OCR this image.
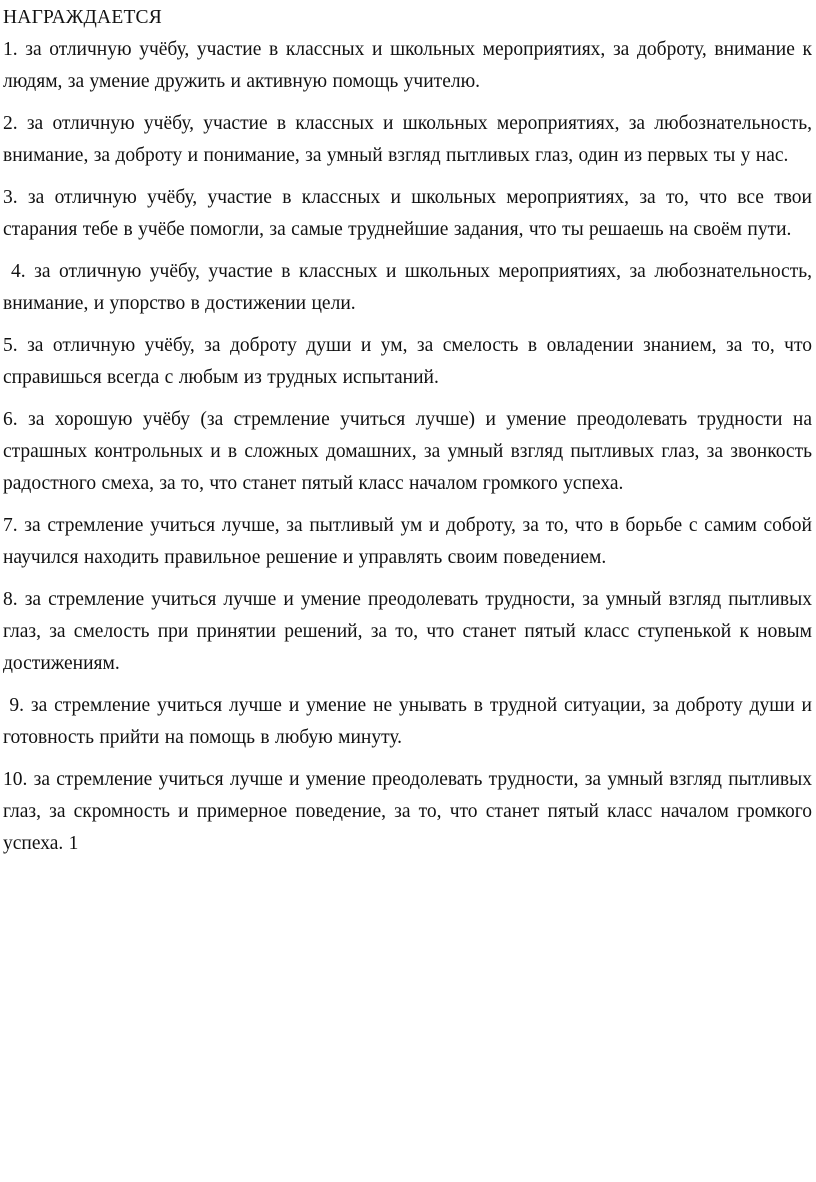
НАГРАЖДАЕТСЯ

1. за отличную учёбу, участие в классных и школьных мероприятиях, за доброту, внимание к людям, за умение дружить и активную помощь учителю.

2. за отличную учёбу, участие в классных и школьных мероприятиях, за любознательность, внимание, за доброту и понимание, за умный взгляд пытливых глаз, один из первых ты у нас.

3. за отличную учёбу, участие в классных и школьных мероприятиях, за то, что все твои старания тебе в учёбе помогли, за самые труднейшие задания, что ты решаешь на своём пути.

4. за отличную учёбу, участие в классных и школьных мероприятиях, за любознательность, внимание, и упорство в достижении цели.

5. за отличную учёбу, за доброту души и ум, за смелость в овладении знанием, за то, что справишься всегда с любым из трудных испытаний.

6. за хорошую учёбу (за стремление учиться лучше) и умение преодолевать трудности на страшных контрольных и в сложных домашних, за умный взгляд пытливых глаз, за звонкость радостного смеха, за то, что станет пятый класс началом громкого успеха.

7. за стремление учиться лучше, за пытливый ум и доброту, за то, что в борьбе с самим собой научился находить правильное решение и управлять своим поведением.

8. за стремление учиться лучше и умение преодолевать трудности, за умный взгляд пытливых глаз, за смелость при принятии решений, за то, что станет пятый класс ступенькой к новым достижениям.

9. за стремление учиться лучше и умение не унывать в трудной ситуации, за доброту души и готовность прийти на помощь в любую минуту.

10. за стремление учиться лучше и умение преодолевать трудности, за умный взгляд пытливых глаз, за скромность и примерное поведение, за то, что станет пятый класс началом громкого успеха. 1
